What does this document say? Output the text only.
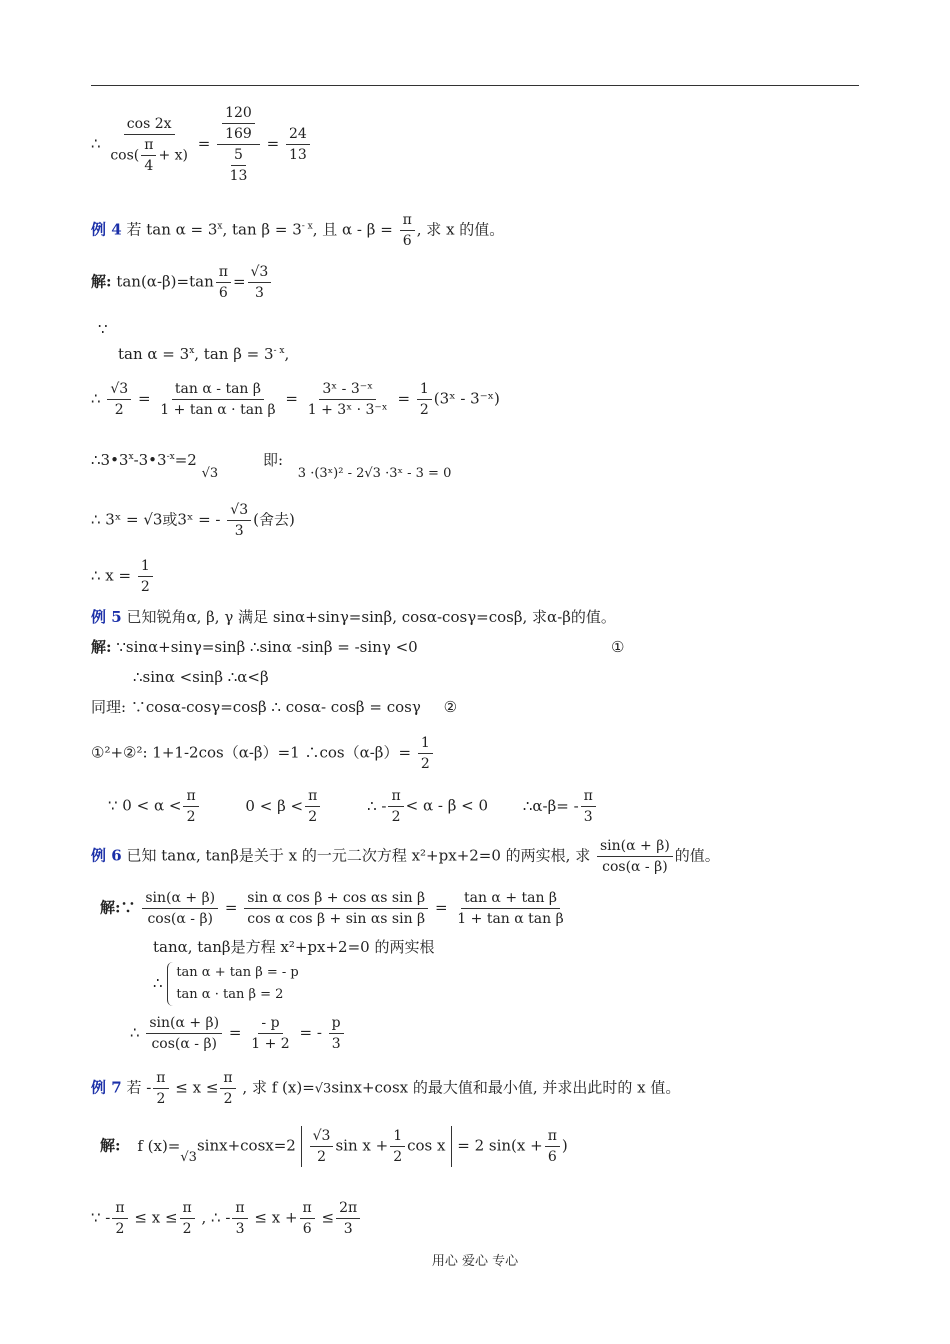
∴ $\frac{\cos 2x}{\cos( \frac{\pi}{4} + x)} = \frac{\frac{120}{169}}{\frac{5}{13}} = \frac{24}{13}$
例 4 若 $\tan \alpha = 3^x$, $\tan \beta = 3^{- x}$, 且 $\alpha - \beta = \frac{\pi}{6}$ , 求 x 的值。
解: $\tan(\alpha-\beta)=\tan \frac{\pi}{6} = \frac{√3}{3}$
∵
$\tan \alpha = 3^x$, $\tan \beta = 3^{- x}$,
∴ $\frac{√3}{2} = \frac{\text{tan α - tan β}}{\text{1 + tan α · tan β}} = \frac{\text{3ˣ - 3⁻ˣ}}{\text{1 + 3ˣ · 3⁻ˣ}} = \frac{1}{2}$ (3ˣ - 3⁻ˣ)
$\therefore 3•3^x-3•3^{-x}=2$ √3 即: 3 ·(3ˣ)² - 2√3 ·3ˣ - 3 = 0
∴ 3ˣ = √3或3ˣ = - $\frac{√3}{3}$ (舍去)
∴ $x = \frac{1}{2}$
例 5 已知锐角α, β, γ 满足 sinα+sinγ=sinβ, cosα-cosγ=cosβ, 求α-β的值。
解: ∵sinα+sinγ=sinβ ∴sinα -sinβ = -sinγ <0	①
∴sinα <sinβ ∴α<β
同理: ∵cosα-cosγ=cosβ ∴ cosα- cosβ = cosγ ②
①²+②²: 1+1-2cos（α-β）=1 ∴cos（α-β）= $\frac{1}{2}$
∵ $0 < \alpha < \frac{\pi}{2}$	$0 < \beta < \frac{\pi}{2}$	∴ - $\frac{\pi}{2} < \alpha - \beta < 0$ ∴α-β= - $\frac{\pi}{3}$
例 6 已知 tanα, tanβ是关于 x 的一元二次方程 x²+px+2=0 的两实根, 求 $\frac{\sin(\alpha + \beta)}{\cos(\alpha - \beta)}$ 的值。
解:∵ $\frac{\sin(\alpha + \beta)}{\cos(\alpha - \beta)} = \frac{\text{sin α cos β + cos αs sin β}}{\text{cos α cos β + sin αs sin β}} = \frac{\text{tan α + tan β}}{\text{1 + tan α tan β}}$
tanα, tanβ是方程 x²+px+2=0 的两实根
∴ tan α + tan β = - p
tan α · tan β = 2
∴ $\frac{\sin(\alpha + \beta)}{\cos(\alpha - \beta)} = \frac{- p}{1 + 2}$ = - $\frac{p}{3}$
例 7 若 - $\frac{\pi}{2} \le x \le \frac{\pi}{2}$ , 求 f (x)=√3sinx+cosx 的最大值和最小值, 并求出此时的 x 值。
解: f $(x)=√3\sin x+\cos x=2 \frac{√3}{2}$ $\sin x + \frac{1}{2}$ cos x = 2 $\sin(x + \frac{\pi}{6}$ )
∵ - $\frac{\pi}{2} \le x \le \frac{\pi}{2}$ , ∴ - $\frac{\pi}{3} \le x + \frac{\pi}{6} \le \frac{2\pi}{3}$
用心 爱心 专心
